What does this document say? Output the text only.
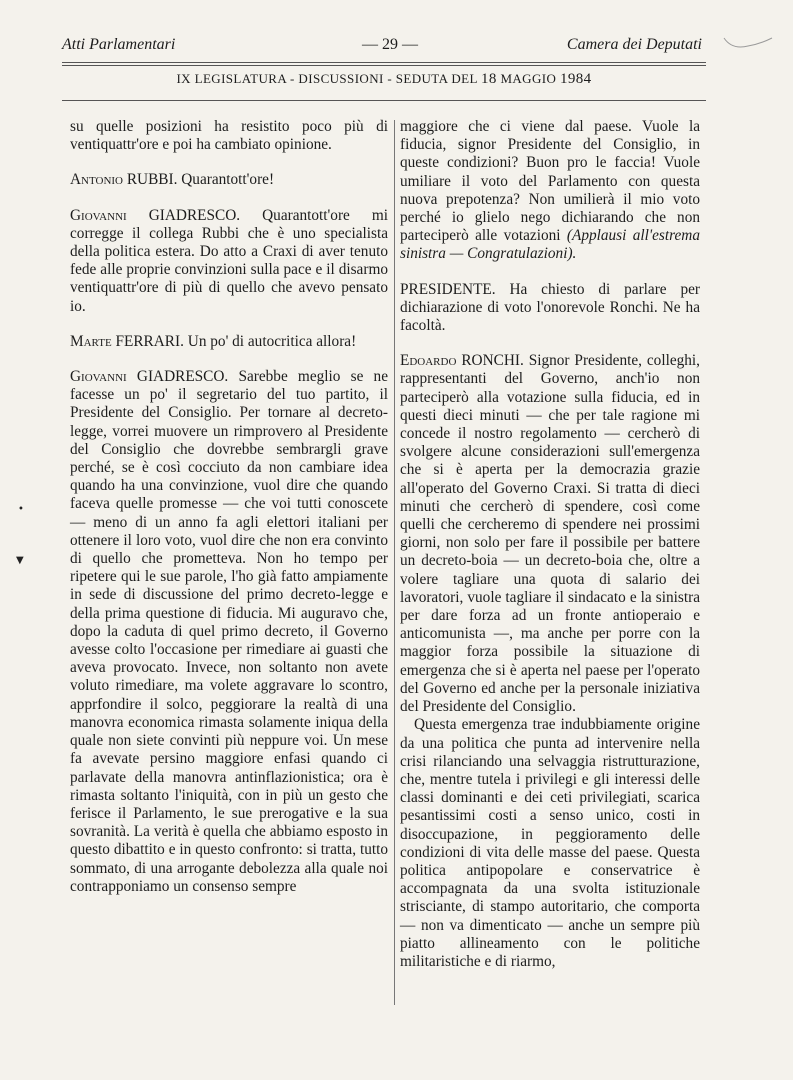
Atti Parlamentari	— 29 —	Camera dei Deputati
IX LEGISLATURA - DISCUSSIONI - SEDUTA DEL 18 MAGGIO 1984

su quelle posizioni ha resistito poco più di ventiquattr'ore e poi ha cambiato opinione.

Antonio RUBBI. Quarantott'ore!

Giovanni GIADRESCO. Quarantott'ore mi corregge il collega Rubbi che è uno specialista della politica estera. Do atto a Craxi di aver tenuto fede alle proprie convinzioni sulla pace e il disarmo ventiquattr'ore di più di quello che avevo pensato io.

Marte FERRARI. Un po' di autocritica allora!

Giovanni GIADRESCO. Sarebbe meglio se ne facesse un po' il segretario del tuo partito, il Presidente del Consiglio. Per tornare al decreto-legge, vorrei muovere un rimprovero al Presidente del Consiglio che dovrebbe sembrargli grave perché, se è così cocciuto da non cambiare idea quando ha una convinzione, vuol dire che quando faceva quelle promesse — che voi tutti conoscete — meno di un anno fa agli elettori italiani per ottenere il loro voto, vuol dire che non era convinto di quello che prometteva. Non ho tempo per ripetere qui le sue parole, l'ho già fatto ampiamente in sede di discussione del primo decreto-legge e della prima questione di fiducia. Mi auguravo che, dopo la caduta di quel primo decreto, il Governo avesse colto l'occasione per rimediare ai guasti che aveva provocato. Invece, non soltanto non avete voluto rimediare, ma volete aggravare lo scontro, apprfondire il solco, peggiorare la realtà di una manovra economica rimasta solamente iniqua della quale non siete convinti più neppure voi. Un mese fa avevate persino maggiore enfasi quando ci parlavate della manovra antinflazionistica; ora è rimasta soltanto l'iniquità, con in più un gesto che ferisce il Parlamento, le sue prerogative e la sua sovranità. La verità è quella che abbiamo esposto in questo dibattito e in questo confronto: si tratta, tutto sommato, di una arrogante debolezza alla quale noi contrapponiamo un consenso sempre

maggiore che ci viene dal paese. Vuole la fiducia, signor Presidente del Consiglio, in queste condizioni? Buon pro le faccia! Vuole umiliare il voto del Parlamento con questa nuova prepotenza? Non umilierà il mio voto perché io glielo nego dichiarando che non parteciperò alle votazioni (Applausi all'estrema sinistra — Congratulazioni).

PRESIDENTE. Ha chiesto di parlare per dichiarazione di voto l'onorevole Ronchi. Ne ha facoltà.

Edoardo RONCHI. Signor Presidente, colleghi, rappresentanti del Governo, anch'io non parteciperò alla votazione sulla fiducia, ed in questi dieci minuti — che per tale ragione mi concede il nostro regolamento — cercherò di svolgere alcune considerazioni sull'emergenza che si è aperta per la democrazia grazie all'operato del Governo Craxi. Si tratta di dieci minuti che cercherò di spendere, così come quelli che cercheremo di spendere nei prossimi giorni, non solo per fare il possibile per battere un decreto-boia — un decreto-boia che, oltre a volere tagliare una quota di salario dei lavoratori, vuole tagliare il sindacato e la sinistra per dare forza ad un fronte antioperaio e anticomunista —, ma anche per porre con la maggior forza possibile la situazione di emergenza che si è aperta nel paese per l'operato del Governo ed anche per la personale iniziativa del Presidente del Consiglio.

Questa emergenza trae indubbiamente origine da una politica che punta ad intervenire nella crisi rilanciando una selvaggia ristrutturazione, che, mentre tutela i privilegi e gli interessi delle classi dominanti e dei ceti privilegiati, scarica pesantissimi costi a senso unico, costi in disoccupazione, in peggioramento delle condizioni di vita delle masse del paese. Questa politica antipopolare e conservatrice è accompagnata da una svolta istituzionale strisciante, di stampo autoritario, che comporta — non va dimenticato — anche un sempre più piatto allineamento con le politiche militaristiche e di riarmo,

•
▼
